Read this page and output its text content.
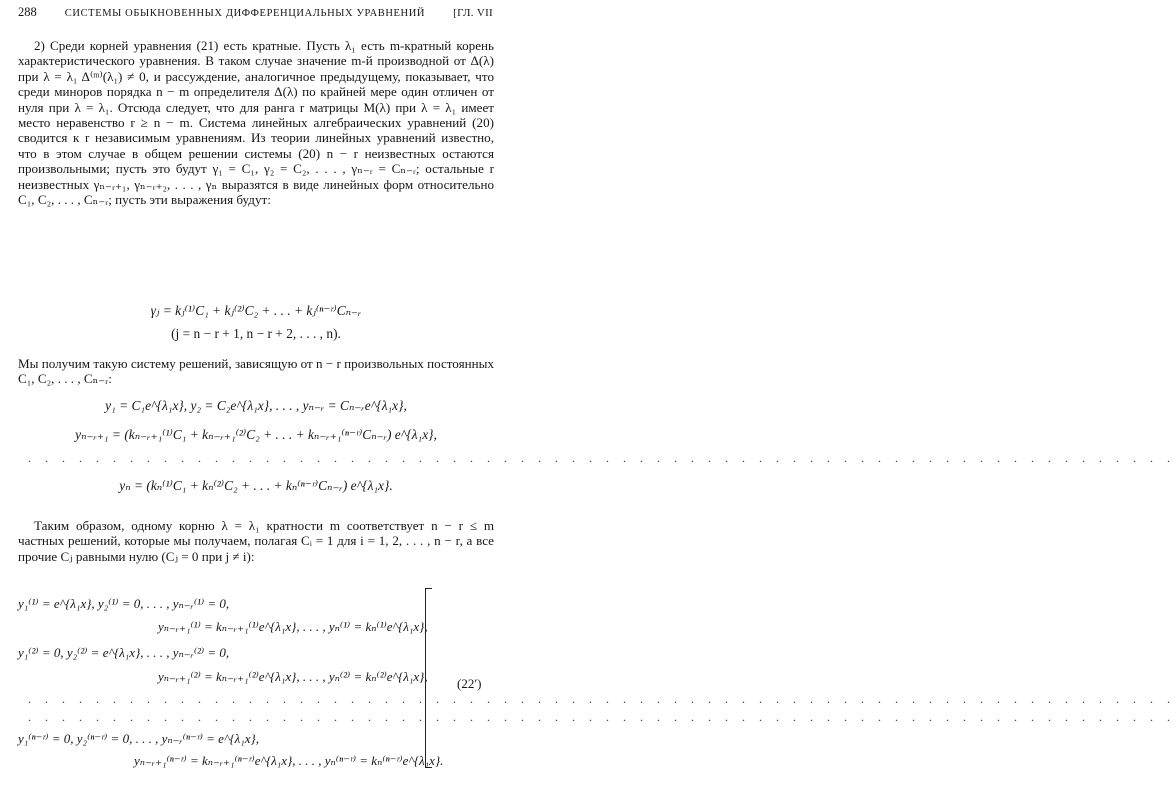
288	СИСТЕМЫ ОБЫКНОВЕННЫХ ДИФФЕРЕНЦИАЛЬНЫХ УРАВНЕНИЙ	[ГЛ. VII

2) Среди корней уравнения (21) есть кратные. Пусть λ₁ есть m-кратный корень характеристического уравнения. В таком случае значение m-й производной от Δ(λ) при λ = λ₁ Δ⁽ᵐ⁾(λ₁) ≠ 0, и рассуждение, аналогичное предыдущему, показывает, что среди миноров порядка n − m определителя Δ(λ) по крайней мере один отличен от нуля при λ = λ₁. Отсюда следует, что для ранга r матрицы M(λ) при λ = λ₁ имеет место неравенство r ≥ n − m. Система линейных алгебраических уравнений (20) сводится к r независимым уравнениям. Из теории линейных уравнений известно, что в этом случае в общем решении системы (20) n − r неизвестных остаются произвольными; пусть это будут γ₁ = C₁, γ₂ = C₂, . . . , γₙ₋ᵣ = Cₙ₋ᵣ; остальные r неизвестных γₙ₋ᵣ₊₁, γₙ₋ᵣ₊₂, . . . , γₙ выразятся в виде линейных форм относительно C₁, C₂, . . . , Cₙ₋ᵣ; пусть эти выражения будут:

γⱼ = kⱼ⁽¹⁾C₁ + kⱼ⁽²⁾C₂ + . . . + kⱼ⁽ⁿ⁻ʳ⁾Cₙ₋ᵣ
(j = n − r + 1, n − r + 2, . . . , n).

Мы получим такую систему решений, зависящую от n − r произвольных постоянных C₁, C₂, . . . , Cₙ₋ᵣ:

y₁ = C₁e^{λ₁x}, y₂ = C₂e^{λ₁x}, . . . , yₙ₋ᵣ = Cₙ₋ᵣe^{λ₁x},
yₙ₋ᵣ₊₁ = (kₙ₋ᵣ₊₁⁽¹⁾C₁ + kₙ₋ᵣ₊₁⁽²⁾C₂ + . . . + kₙ₋ᵣ₊₁⁽ⁿ⁻ʳ⁾Cₙ₋ᵣ) e^{λ₁x},
. . . . . . . . . . . . . . . . . . . . . . . . . . . . . . . . . . . . . . . . . . . . . . . . . . . . . . . . . . . . . . . . . . . .
yₙ = (kₙ⁽¹⁾C₁ + kₙ⁽²⁾C₂ + . . . + kₙ⁽ⁿ⁻ʳ⁾Cₙ₋ᵣ) e^{λ₁x}.

Таким образом, одному корню λ = λ₁ кратности m соответствует n − r ≤ m частных решений, которые мы получаем, полагая Cᵢ = 1 для i = 1, 2, . . . , n − r, а все прочие Cⱼ равными нулю (Cⱼ = 0 при j ≠ i):

y₁⁽¹⁾ = e^{λ₁x}, y₂⁽¹⁾ = 0, . . . , yₙ₋ᵣ⁽¹⁾ = 0,
yₙ₋ᵣ₊₁⁽¹⁾ = kₙ₋ᵣ₊₁⁽¹⁾e^{λ₁x}, . . . , yₙ⁽¹⁾ = kₙ⁽¹⁾e^{λ₁x},
y₁⁽²⁾ = 0, y₂⁽²⁾ = e^{λ₁x}, . . . , yₙ₋ᵣ⁽²⁾ = 0,
yₙ₋ᵣ₊₁⁽²⁾ = kₙ₋ᵣ₊₁⁽²⁾e^{λ₁x}, . . . , yₙ⁽²⁾ = kₙ⁽²⁾e^{λ₁x},
. . . . . . . . . . . . . . . . . . . . . . . . . . . . . . . . . . . . . . . . . . . . . . . . . . . . . . . . . . . . . . . . . . . .
. . . . . . . . . . . . . . . . . . . . . . . . . . . . . . . . . . . . . . . . . . . . . . . . . . . . . . . . . . . . . . . . . . . .
y₁⁽ⁿ⁻ʳ⁾ = 0, y₂⁽ⁿ⁻ʳ⁾ = 0, . . . , yₙ₋ᵣ⁽ⁿ⁻ʳ⁾ = e^{λ₁x},
yₙ₋ᵣ₊₁⁽ⁿ⁻ʳ⁾ = kₙ₋ᵣ₊₁⁽ⁿ⁻ʳ⁾e^{λ₁x}, . . . , yₙ⁽ⁿ⁻ʳ⁾ = kₙ⁽ⁿ⁻ʳ⁾e^{λ₁x}.
(22′)
